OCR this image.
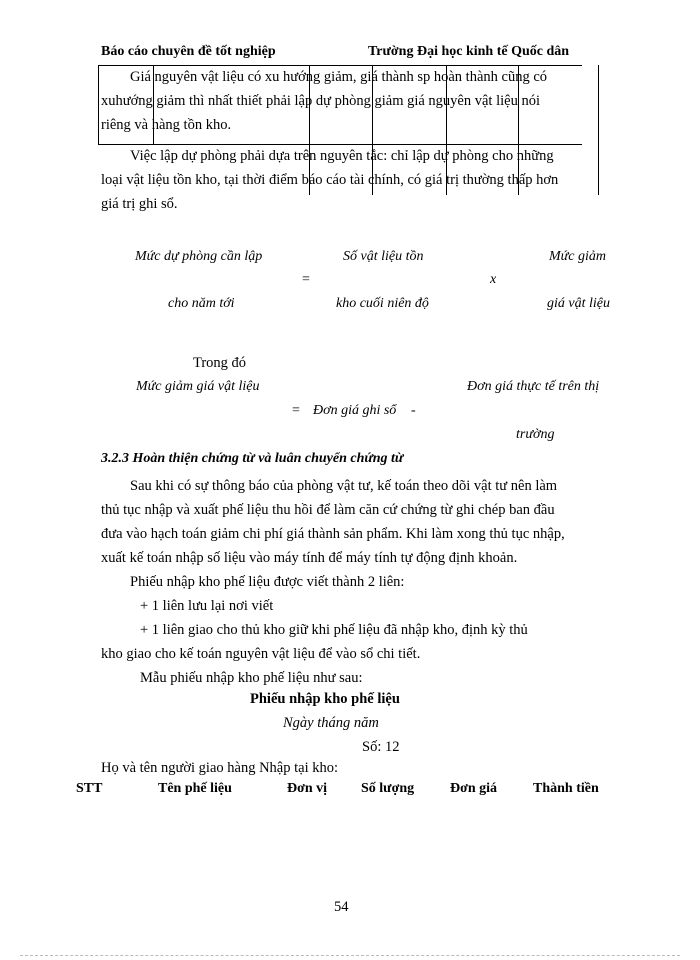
Báo cáo chuyên đề tốt nghiệp	Trường Đại học kinh tế Quốc dân
Giá nguyên vật liệu có xu hướng giảm, giá thành sp hoàn thành cũng có
xuhướng giảm thì nhất thiết phải lập dự phòng giảm giá nguyên vật liệu nói
riêng và hàng tồn kho.
Việc lập dự phòng phải dựa trên nguyên tắc: chỉ lập dự phòng cho những
loại vật liệu tồn kho, tại thời điểm báo cáo tài chính, có giá trị thường thấp hơn
giá trị ghi sổ.
Mức dự phòng cần lập
cho năm tới
=
Số vật liệu tồn
kho cuối niên độ
x
Mức giảm
giá vật liệu
Trong đó
Mức giảm giá vật liệu	Đơn giá thực tế trên thị
= Đơn giá ghi sổ -
trường
3.2.3 Hoàn thiện chứng từ và luân chuyển chứng từ
Sau khi có sự thông báo của phòng vật tư, kế toán theo dõi vật tư nên làm
thủ tục nhập và xuất phế liệu thu hồi để làm căn cứ chứng từ ghi chép ban đầu
đưa vào hạch toán giảm chi phí giá thành sản phẩm. Khi làm xong thủ tục nhập,
xuất kế toán nhập số liệu vào máy tính để máy tính tự động định khoản.
Phiếu nhập kho phế liệu được viết thành 2 liên:
+ 1 liên lưu lại nơi viết
+ 1 liên giao cho thủ kho giữ khi phế liệu đã nhập kho, định kỳ thủ
kho giao cho kế toán nguyên vật liệu để vào sổ chi tiết.
Mẫu phiếu nhập kho phế liệu như sau:
Phiếu nhập kho phế liệu
Ngày tháng năm
Số: 12
Họ và tên người giao hàng Nhập tại kho:
STT	Tên phế liệu	Đơn vị Số lượng	Đơn giá	Thành tiền
54
